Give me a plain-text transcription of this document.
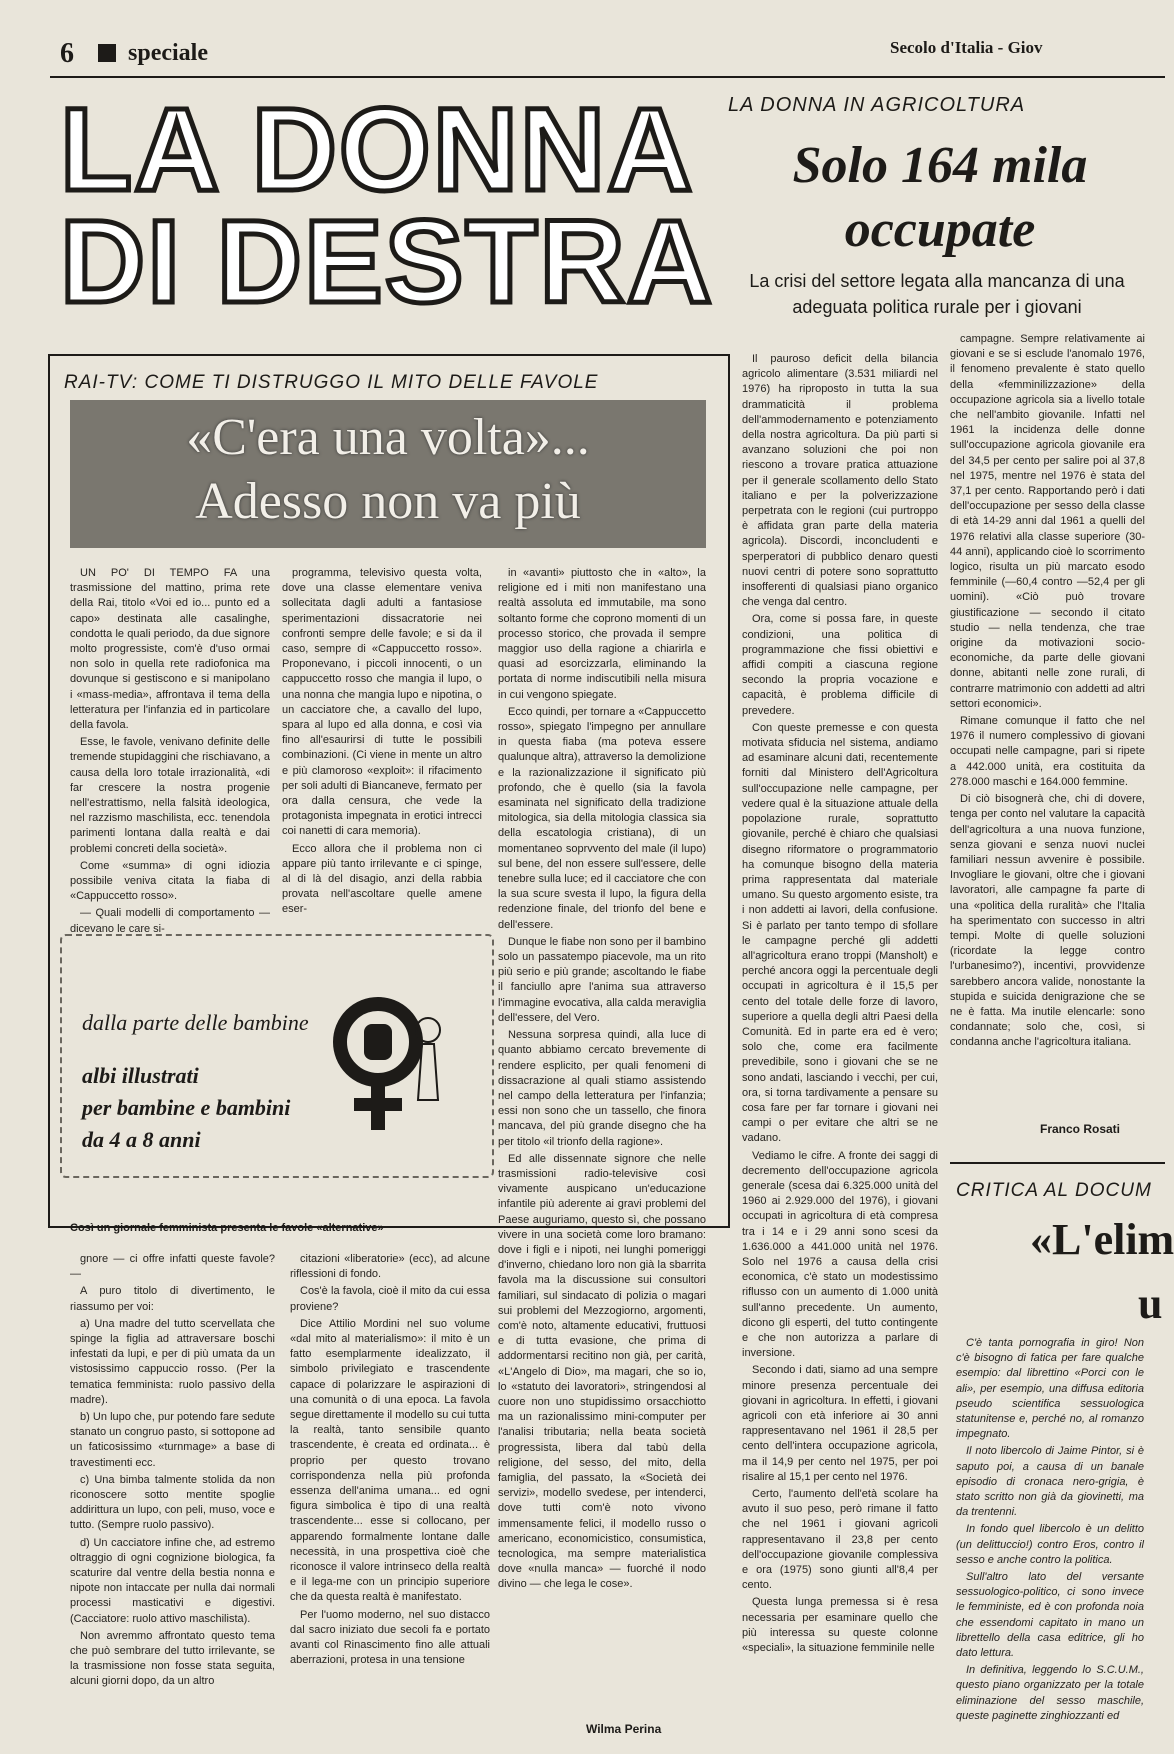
6 speciale	Secolo d'Italia - Giov
LA DONNA
DI DESTRA
LA DONNA IN AGRICOLTURA
Solo 164 mila occupate
La crisi del settore legata alla mancanza di una adeguata politica rurale per i giovani

Il pauroso deficit della bilancia agricolo alimentare (3.531 miliardi nel 1976) ha riproposto in tutta la sua drammaticità il problema dell'ammodernamento e potenziamento della nostra agricoltura. Da più parti si avanzano soluzioni che poi non riescono a trovare pratica attuazione per il generale scollamento dello Stato italiano e per la polverizzazione perpetrata con le regioni (cui purtroppo è affidata gran parte della materia agricola). Discordi, inconcludenti e sperperatori di pubblico denaro questi nuovi centri di potere sono soprattutto insofferenti di qualsiasi piano organico che venga dal centro.

Ora, come si possa fare, in queste condizioni, una politica di programmazione che fissi obiettivi e affidi compiti a ciascuna regione secondo la propria vocazione e capacità, è problema difficile di prevedere.

Con queste premesse e con questa motivata sfiducia nel sistema, andiamo ad esaminare alcuni dati, recentemente forniti dal Ministero dell'Agricoltura sull'occupazione nelle campagne, per vedere qual è la situazione attuale della popolazione rurale, soprattutto giovanile, perché è chiaro che qualsiasi disegno riformatore o programmatorio ha comunque bisogno della materia prima rappresentata dal materiale umano. Su questo argomento esiste, tra i non addetti ai lavori, della confusione. Si è parlato per tanto tempo di sfollare le campagne perché gli addetti all'agricoltura erano troppi (Mansholt) e perché ancora oggi la percentuale degli occupati in agricoltura è il 15,5 per cento del totale delle forze di lavoro, superiore a quella degli altri Paesi della Comunità. Ed in parte era ed è vero; solo che, come era facilmente prevedibile, sono i giovani che se ne sono andati, lasciando i vecchi, per cui, ora, si torna tardivamente a pensare su cosa fare per far tornare i giovani nei campi o per evitare che altri se ne vadano.

Vediamo le cifre. A fronte dei saggi di decremento dell'occupazione agricola generale (scesa dai 6.325.000 unità del 1960 ai 2.929.000 del 1976), i giovani occupati in agricoltura di età compresa tra i 14 e i 29 anni sono scesi da 1.636.000 a 441.000 unità nel 1976. Solo nel 1976 a causa della crisi economica, c'è stato un modestissimo riflusso con un aumento di 1.000 unità sull'anno precedente. Un aumento, dicono gli esperti, del tutto contingente e che non autorizza a parlare di inversione.

Secondo i dati, siamo ad una sempre minore presenza percentuale dei giovani in agricoltura. In effetti, i giovani agricoli con età inferiore ai 30 anni rappresentavano nel 1961 il 28,5 per cento dell'intera occupazione agricola, ma il 14,9 per cento nel 1975, per poi risalire al 15,1 per cento nel 1976.

Certo, l'aumento dell'età scolare ha avuto il suo peso, però rimane il fatto che nel 1961 i giovani agricoli rappresentavano il 23,8 per cento dell'occupazione giovanile complessiva e ora (1975) sono giunti all'8,4 per cento.

Questa lunga premessa si è resa necessaria per esaminare quello che più interessa su queste colonne «speciali», la situazione femminile nelle

campagne. Sempre relativamente ai giovani e se si esclude l'anomalo 1976, il fenomeno prevalente è stato quello della «femminilizzazione» della occupazione agricola sia a livello totale che nell'ambito giovanile. Infatti nel 1961 la incidenza delle donne sull'occupazione agricola giovanile era del 34,5 per cento per salire poi al 37,8 nel 1975, mentre nel 1976 è stata del 37,1 per cento. Rapportando però i dati dell'occupazione per sesso della classe di età 14-29 anni dal 1961 a quelli del 1976 relativi alla classe superiore (30-44 anni), applicando cioè lo scorrimento logico, risulta un più marcato esodo femminile (—60,4 contro —52,4 per gli uomini). «Ciò può trovare giustificazione — secondo il citato studio — nella tendenza, che trae origine da motivazioni socio-economiche, da parte delle giovani donne, abitanti nelle zone rurali, di contrarre matrimonio con addetti ad altri settori economici».

Rimane comunque il fatto che nel 1976 il numero complessivo di giovani occupati nelle campagne, pari si ripete a 442.000 unità, era costituita da 278.000 maschi e 164.000 femmine.

Di ciò bisognerà che, chi di dovere, tenga per conto nel valutare la capacità dell'agricoltura a una nuova funzione, senza giovani e senza nuovi nuclei familiari nessun avvenire è possibile. Invogliare le giovani, oltre che i giovani lavoratori, alle campagne fa parte di una «politica della ruralità» che l'Italia ha sperimentato con successo in altri tempi. Molte di quelle soluzioni (ricordate la legge contro l'urbanesimo?), incentivi, provvidenze sarebbero ancora valide, nonostante la stupida e suicida denigrazione che se ne è fatta. Ma inutile elencarle: sono condannate; solo che, così, si condanna anche l'agricoltura italiana.

Franco Rosati
RAI-TV: COME TI DISTRUGGO IL MITO DELLE FAVOLE
«C'era una volta»...
Adesso non va più

UN PO' DI TEMPO FA una trasmissione del mattino, prima rete della Rai, titolo «Voi ed io... punto ed a capo» destinata alle casalinghe, condotta le quali periodo, da due signore molto progressiste, com'è d'uso ormai non solo in quella rete radiofonica ma dovunque si gestiscono e si manipolano i «mass-media», affrontava il tema della letteratura per l'infanzia ed in particolare della favola.

Esse, le favole, venivano definite delle tremende stupidaggini che rischiavano, a causa della loro totale irrazionalità, «di far crescere la nostra progenie nell'estrattismo, nella falsità ideologica, nel razzismo maschilista, ecc. tenendola parimenti lontana dalla realtà e dai problemi concreti della società».

Come «summa» di ogni idiozia possibile veniva citata la fiaba di «Cappuccetto rosso».

— Quali modelli di comportamento — dicevano le care si-

programma, televisivo questa volta, dove una classe elementare veniva sollecitata dagli adulti a fantasiose sperimentazioni dissacratorie nei confronti sempre delle favole; e si da il caso, sempre di «Cappuccetto rosso». Proponevano, i piccoli innocenti, o un cappuccetto rosso che mangia il lupo, o una nonna che mangia lupo e nipotina, o un cacciatore che, a cavallo del lupo, spara al lupo ed alla donna, e così via fino all'esaurirsi di tutte le possibili combinazioni. (Ci viene in mente un altro e più clamoroso «exploit»: il rifacimento per soli adulti di Biancaneve, fermato per ora dalla censura, che vede la protagonista impegnata in erotici intrecci coi nanetti di cara memoria).

Ecco allora che il problema non ci appare più tanto irrilevante e ci spinge, al di là del disagio, anzi della rabbia provata nell'ascoltare quelle amene eser-

in «avanti» piuttosto che in «alto», la religione ed i miti non manifestano una realtà assoluta ed immutabile, ma sono soltanto forme che coprono momenti di un processo storico, che provada il sempre maggior uso della ragione a chiarirla e quasi ad esorcizzarla, eliminando la portata di norme indiscutibili nella misura in cui vengono spiegate.

Ecco quindi, per tornare a «Cappuccetto rosso», spiegato l'impegno per annullare in questa fiaba (ma poteva essere qualunque altra), attraverso la demolizione e la razionalizzazione il significato più profondo, che è quello (sia la favola esaminata nel significato della tradizione mitologica, sia della mitologia classica sia della escatologia cristiana), di un momentaneo soprvvento del male (il lupo) sul bene, del non essere sull'essere, delle tenebre sulla luce; ed il cacciatore che con la sua scure svesta il lupo, la figura della redenzione finale, del trionfo del bene e dell'essere.

Dunque le fiabe non sono per il bambino solo un passatempo piacevole, ma un rito più serio e più grande; ascoltando le fiabe il fanciullo apre l'anima sua attraverso l'immagine evocativa, alla calda meraviglia dell'essere, del Vero.

Nessuna sorpresa quindi, alla luce di quanto abbiamo cercato brevemente di rendere esplicito, per quali fenomeni di dissacrazione al quali stiamo assistendo nel campo della letteratura per l'infanzia; essi non sono che un tassello, che finora mancava, del più grande disegno che ha per titolo «il trionfo della ragione».

Ed alle dissennate signore che nelle trasmissioni radio-televisive così vivamente auspicano un'educazione infantile più aderente ai gravi problemi del Paese auguriamo, questo sì, che possano vivere in una società come loro bramano: dove i figli e i nipoti, nei lunghi pomeriggi d'inverno, chiedano loro non già la sbarrita favola ma la discussione sui consultori familiari, sul sindacato di polizia o magari sui problemi del Mezzogiorno, argomenti, com'è noto, altamente educativi, fruttuosi e di tutta evasione, che prima di addormentarsi recitino non già, per carità, «L'Angelo di Dio», ma magari, che so io, lo «statuto dei lavoratori», stringendosi al cuore non uno stupidissimo orsacchiotto ma un razionalissimo mini-computer per l'analisi tributaria; nella beata società progressista, libera dal tabù della religione, del sesso, del mito, della famiglia, del passato, la «Società dei servizi», modello svedese, per intenderci, dove tutti com'è noto vivono immensamente felici, il modello russo o americano, economicistico, consumistica, tecnologica, ma sempre materialistica dove «nulla manca» — fuorché il nodo divino — che lega le cose».

dalla parte delle bambine
albi illustrati
per bambine e bambini
da 4 a 8 anni
Così un giornale femminista presenta le favole «alternative»

gnore — ci offre infatti queste favole? —

A puro titolo di divertimento, le riassumo per voi:

a) Una madre del tutto scervellata che spinge la figlia ad attraversare boschi infestati da lupi, e per di più umata da un vistosissimo cappuccio rosso. (Per la tematica femminista: ruolo passivo della madre).

b) Un lupo che, pur potendo fare sedute stanato un congruo pasto, si sottopone ad un faticosissimo «turnmage» a base di travestimenti ecc.

c) Una bimba talmente stolida da non riconoscere sotto mentite spoglie addirittura un lupo, con peli, muso, voce e tutto. (Sempre ruolo passivo).

d) Un cacciatore infine che, ad estremo oltraggio di ogni cognizione biologica, fa scaturire dal ventre della bestia nonna e nipote non intaccate per nulla dai normali processi masticativi e digestivi. (Cacciatore: ruolo attivo maschilista).

Non avremmo affrontato questo tema che può sembrare del tutto irrilevante, se la trasmissione non fosse stata seguita, alcuni giorni dopo, da un altro

citazioni «liberatorie» (ecc), ad alcune riflessioni di fondo.

Cos'è la favola, cioè il mito da cui essa proviene?

Dice Attilio Mordini nel suo volume «dal mito al materialismo»: il mito è un fatto esemplarmente idealizzato, il simbolo privilegiato e trascendente capace di polarizzare le aspirazioni di una comunità o di una epoca. La favola segue direttamente il modello su cui tutta la realtà, tanto sensibile quanto trascendente, è creata ed ordinata... è proprio per questo trovano corrispondenza nella più profonda essenza dell'anima umana... ed ogni figura simbolica è tipo di una realtà trascendente... esse si collocano, per apparendo formalmente lontane dalle necessità, in una prospettiva cioè che riconosce il valore intrinseco della realtà e il lega-me con un principio superiore che da questa realtà è manifestato.

Per l'uomo moderno, nel suo distacco dal sacro iniziato due secoli fa e portato avanti col Rinascimento fino alle attuali aberrazioni, protesa in una tensione

Wilma Perina
CRITICA AL DOCUM
«L'elim
u

C'è tanta pornografia in giro! Non c'è bisogno di fatica per fare qualche esempio: dal librettino «Porci con le ali», per esempio, una diffusa editoria pseudo scientifica sessuologica statunitense e, perché no, al romanzo impegnato.

Il noto libercolo di Jaime Pintor, si è saputo poi, a causa di un banale episodio di cronaca nero-grigia, è stato scritto non già da giovinetti, ma da trentenni.

In fondo quel libercolo è un delitto (un delittuccio!) contro Eros, contro il sesso e anche contro la politica.

Sull'altro lato del versante sessuologico-politico, ci sono invece le femministe, ed è con profonda noia che essendomi capitato in mano un librettello della casa editrice, gli ho dato lettura.

In definitiva, leggendo lo S.C.U.M., questo piano organizzato per la totale eliminazione del sesso maschile, queste paginette zinghiozzanti ed
